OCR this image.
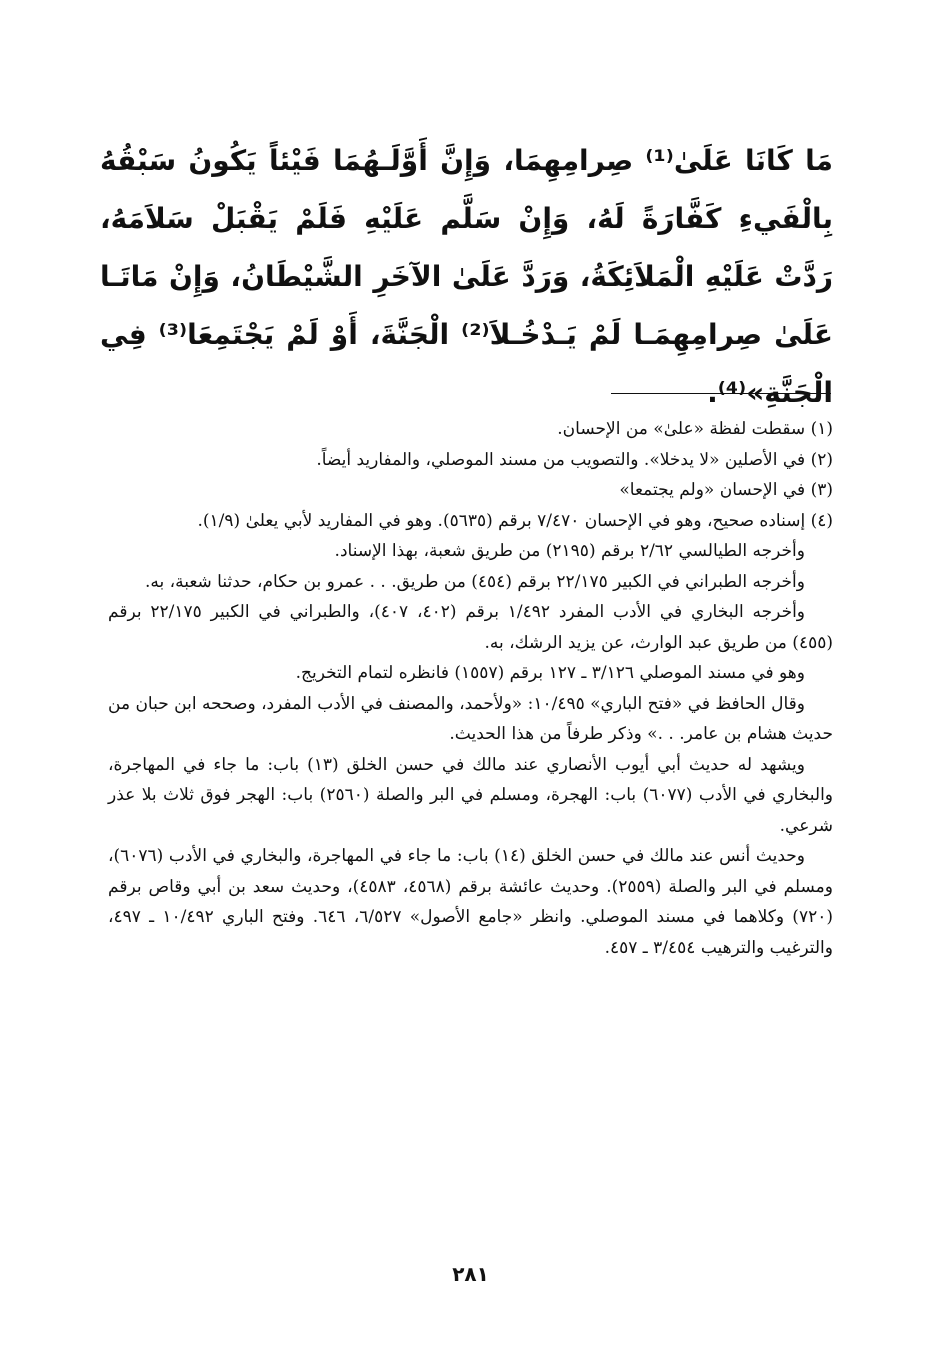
مَا كَانَا عَلَىٰ⁽¹⁾ صِرامِهِمَا، وَإِنَّ أَوَّلَـهُمَا فَيْئاً يَكُونُ سَبْقُهُ بِالْفَيءِ كَفَّارَةً لَهُ، وَإِنْ سَلَّم عَلَيْهِ فَلَمْ يَقْبَلْ سَلاَمَهُ، رَدَّتْ عَلَيْهِ الْمَلاَئِكَةُ، وَرَدَّ عَلَىٰ الآخَرِ الشَّيْطَانُ، وَإِنْ مَاتَـا عَلَىٰ صِرامِهِمَـا لَمْ يَـدْخُـلاَ⁽²⁾ الْجَنَّةَ، أَوْ لَمْ يَجْتَمِعَا⁽³⁾ فِي الْجَنَّةِ»⁽⁴⁾.

(١) سقطت لفظة «علىٰ» من الإحسان.

(٢) في الأصلين «لا يدخلا». والتصويب من مسند الموصلي، والمفاريد أيضاً.

(٣) في الإحسان «ولم يجتمعا»

(٤) إسناده صحيح، وهو في الإحسان ٧/٤٧٠ برقم (٥٦٣٥). وهو في المفاريد لأبي يعلىٰ (١/٩).

وأخرجه الطيالسي ٢/٦٢ برقم (٢١٩٥) من طريق شعبة، بهذا الإسناد.

وأخرجه الطبراني في الكبير ٢٢/١٧٥ برقم (٤٥٤) من طريق. . . عمرو بن حكام، حدثنا شعبة، به.

وأخرجه البخاري في الأدب المفرد ١/٤٩٢ برقم (٤٠٢، ٤٠٧)، والطبراني في الكبير ٢٢/١٧٥ برقم (٤٥٥) من طريق عبد الوارث، عن يزيد الرشك، به.

وهو في مسند الموصلي ٣/١٢٦ ـ ١٢٧ برقم (١٥٥٧) فانظره لتمام التخريج.

وقال الحافظ في «فتح الباري» ١٠/٤٩٥: «ولأحمد، والمصنف في الأدب المفرد، وصححه ابن حبان من حديث هشام بن عامر. . .» وذكر طرفاً من هذا الحديث.

ويشهد له حديث أبي أيوب الأنصاري عند مالك في حسن الخلق (١٣) باب: ما جاء في المهاجرة، والبخاري في الأدب (٦٠٧٧) باب: الهجرة، ومسلم في البر والصلة (٢٥٦٠) باب: الهجر فوق ثلاث بلا عذر شرعي.

وحديث أنس عند مالك في حسن الخلق (١٤) باب: ما جاء في المهاجرة، والبخاري في الأدب (٦٠٧٦)، ومسلم في البر والصلة (٢٥٥٩). وحديث عائشة برقم (٤٥٦٨، ٤٥٨٣)، وحديث سعد بن أبي وقاص برقم (٧٢٠) وكلاهما في مسند الموصلي. وانظر «جامع الأصول» ٦/٥٢٧، ٦٤٦. وفتح الباري ١٠/٤٩٢ ـ ٤٩٧، والترغيب والترهيب ٣/٤٥٤ ـ ٤٥٧.

٢٨١
